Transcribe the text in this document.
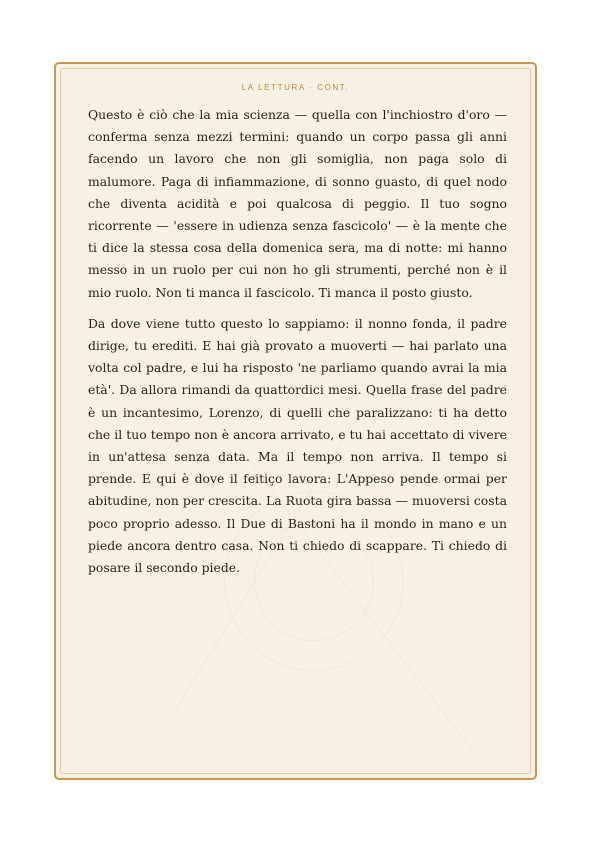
LA LETTURA · CONT.

Questo è ciò che la mia scienza — quella con l'inchiostro d'oro — conferma senza mezzi termini: quando un corpo passa gli anni facendo un lavoro che non gli somiglia, non paga solo di malumore. Paga di infiammazione, di sonno guasto, di quel nodo che diventa acidità e poi qualcosa di peggio. Il tuo sogno ricorrente — 'essere in udienza senza fascicolo' — è la mente che ti dice la stessa cosa della domenica sera, ma di notte: mi hanno messo in un ruolo per cui non ho gli strumenti, perché non è il mio ruolo. Non ti manca il fascicolo. Ti manca il posto giusto.

Da dove viene tutto questo lo sappiamo: il nonno fonda, il padre dirige, tu erediti. E hai già provato a muoverti — hai parlato una volta col padre, e lui ha risposto 'ne parliamo quando avrai la mia età'. Da allora rimandi da quattordici mesi. Quella frase del padre è un incantesimo, Lorenzo, di quelli che paralizzano: ti ha detto che il tuo tempo non è ancora arrivato, e tu hai accettato di vivere in un'attesa senza data. Ma il tempo non arriva. Il tempo si prende. E qui è dove il feitiço lavora: L'Appeso pende ormai per abitudine, non per crescita. La Ruota gira bassa — muoversi costa poco proprio adesso. Il Due di Bastoni ha il mondo in mano e un piede ancora dentro casa. Non ti chiedo di scappare. Ti chiedo di posare il secondo piede.
